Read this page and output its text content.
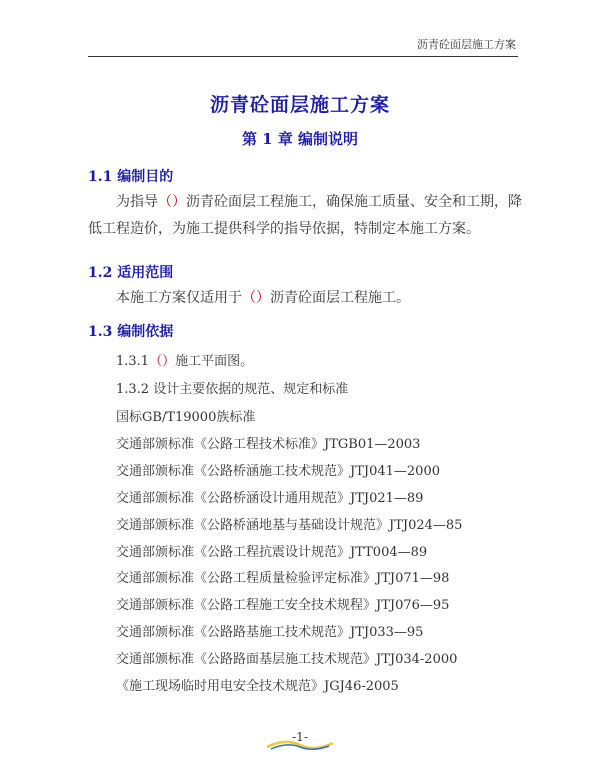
沥青砼面层施工方案
沥青砼面层施工方案
第 1 章 编制说明
1.1 编制目的
为指导（）沥青砼面层工程施工，确保施工质量、安全和工期，降低工程造价，为施工提供科学的指导依据，特制定本施工方案。
1.2 适用范围
本施工方案仅适用于（）沥青砼面层工程施工。
1.3 编制依据
1.3.1（）施工平面图。
1.3.2 设计主要依据的规范、规定和标准
国标GB/T19000族标准
交通部颁标准《公路工程技术标准》JTGB01—2003
交通部颁标准《公路桥涵施工技术规范》JTJ041—2000
交通部颁标准《公路桥涵设计通用规范》JTJ021—89
交通部颁标准《公路桥涵地基与基础设计规范》JTJ024—85
交通部颁标准《公路工程抗震设计规范》JTT004—89
交通部颁标准《公路工程质量检验评定标准》JTJ071—98
交通部颁标准《公路工程施工安全技术规程》JTJ076—95
交通部颁标准《公路路基施工技术规范》JTJ033—95
交通部颁标准《公路路面基层施工技术规范》JTJ034-2000
《施工现场临时用电安全技术规范》JGJ46-2005
-1-
